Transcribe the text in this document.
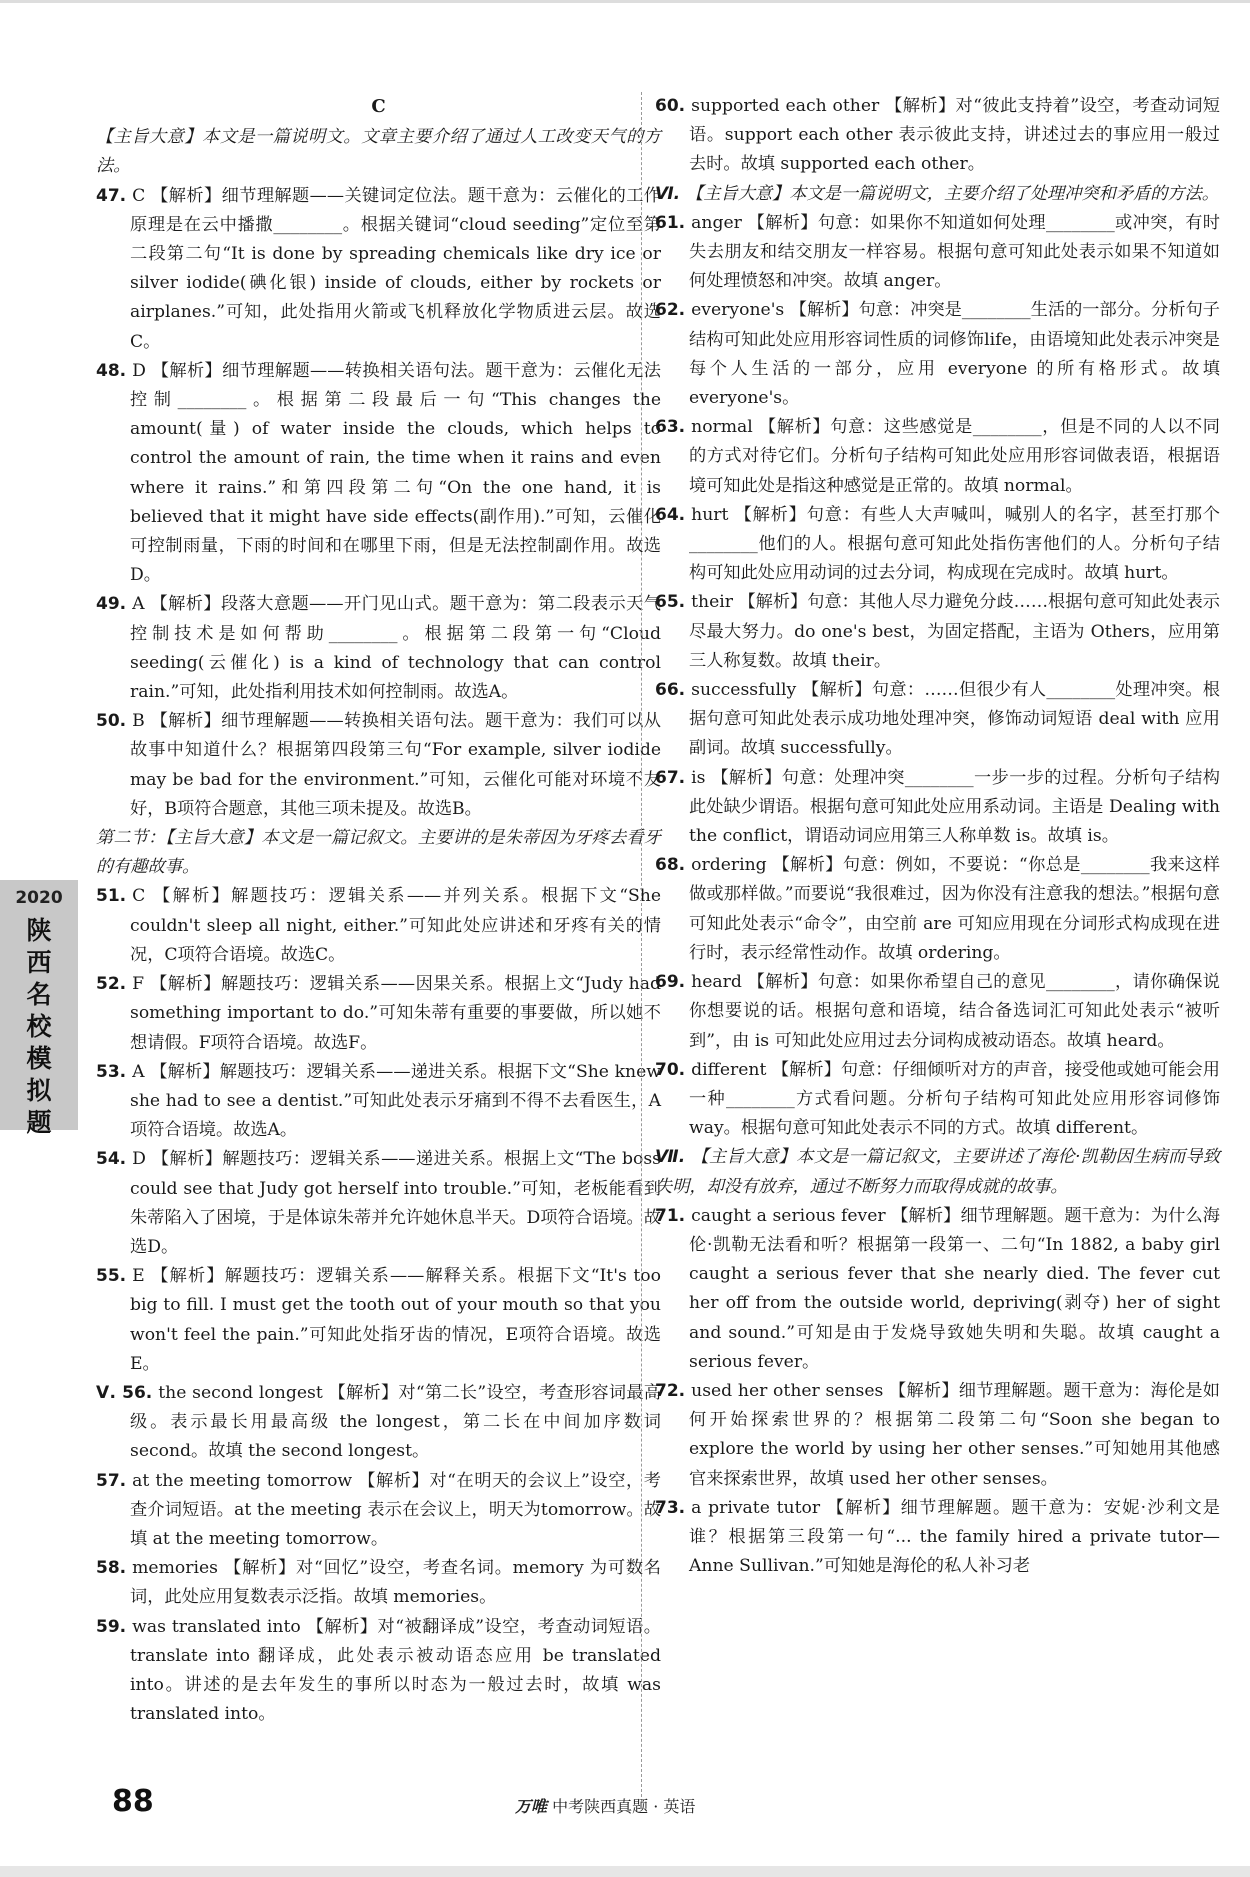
C
【主旨大意】本文是一篇说明文。文章主要介绍了通过人工改变天气的方法。
47. C 【解析】细节理解题——关键词定位法。题干意为：云催化的工作原理是在云中播撒________。根据关键词“cloud seeding”定位至第二段第二句“It is done by spreading chemicals like dry ice or silver iodide(碘化银) inside of clouds, either by rockets or airplanes.”可知，此处指用火箭或飞机释放化学物质进云层。故选C。
48. D 【解析】细节理解题——转换相关语句法。题干意为：云催化无法控制________。根据第二段最后一句“This changes the amount(量) of water inside the clouds, which helps to control the amount of rain, the time when it rains and even where it rains.”和第四段第二句“On the one hand, it is believed that it might have side effects(副作用).”可知，云催化可控制雨量，下雨的时间和在哪里下雨，但是无法控制副作用。故选D。
49. A 【解析】段落大意题——开门见山式。题干意为：第二段表示天气控制技术是如何帮助________。根据第二段第一句“Cloud seeding(云催化) is a kind of technology that can control rain.”可知，此处指利用技术如何控制雨。故选A。
50. B 【解析】细节理解题——转换相关语句法。题干意为：我们可以从故事中知道什么？根据第四段第三句“For example, silver iodide may be bad for the environment.”可知，云催化可能对环境不友好，B项符合题意，其他三项未提及。故选B。
第二节：【主旨大意】本文是一篇记叙文。主要讲的是朱蒂因为牙疼去看牙的有趣故事。
51. C 【解析】解题技巧：逻辑关系——并列关系。根据下文“She couldn't sleep all night, either.”可知此处应讲述和牙疼有关的情况，C项符合语境。故选C。
52. F 【解析】解题技巧：逻辑关系——因果关系。根据上文“Judy had something important to do.”可知朱蒂有重要的事要做，所以她不想请假。F项符合语境。故选F。
53. A 【解析】解题技巧：逻辑关系——递进关系。根据下文“She knew she had to see a dentist.”可知此处表示牙痛到不得不去看医生，A项符合语境。故选A。
54. D 【解析】解题技巧：逻辑关系——递进关系。根据上文“The boss could see that Judy got herself into trouble.”可知，老板能看到朱蒂陷入了困境，于是体谅朱蒂并允许她休息半天。D项符合语境。故选D。
55. E 【解析】解题技巧：逻辑关系——解释关系。根据下文“It's too big to fill. I must get the tooth out of your mouth so that you won't feel the pain.”可知此处指牙齿的情况，E项符合语境。故选E。
Ⅴ. 56. the second longest 【解析】对“第二长”设空，考查形容词最高级。表示最长用最高级 the longest，第二长在中间加序数词 second。故填 the second longest。
57. at the meeting tomorrow 【解析】对“在明天的会议上”设空，考查介词短语。at the meeting 表示在会议上，明天为tomorrow。故填 at the meeting tomorrow。
58. memories 【解析】对“回忆”设空，考查名词。memory 为可数名词，此处应用复数表示泛指。故填 memories。
59. was translated into 【解析】对“被翻译成”设空，考查动词短语。translate into 翻译成，此处表示被动语态应用 be translated into。讲述的是去年发生的事所以时态为一般过去时，故填 was translated into。
60. supported each other 【解析】对“彼此支持着”设空，考查动词短语。support each other 表示彼此支持，讲述过去的事应用一般过去时。故填 supported each other。
Ⅵ. 【主旨大意】本文是一篇说明文，主要介绍了处理冲突和矛盾的方法。
61. anger 【解析】句意：如果你不知道如何处理________或冲突，有时失去朋友和结交朋友一样容易。根据句意可知此处表示如果不知道如何处理愤怒和冲突。故填 anger。
62. everyone's 【解析】句意：冲突是________生活的一部分。分析句子结构可知此处应用形容词性质的词修饰life，由语境知此处表示冲突是每个人生活的一部分，应用 everyone 的所有格形式。故填 everyone's。
63. normal 【解析】句意：这些感觉是________，但是不同的人以不同的方式对待它们。分析句子结构可知此处应用形容词做表语，根据语境可知此处是指这种感觉是正常的。故填 normal。
64. hurt 【解析】句意：有些人大声喊叫，喊别人的名字，甚至打那个________他们的人。根据句意可知此处指伤害他们的人。分析句子结构可知此处应用动词的过去分词，构成现在完成时。故填 hurt。
65. their 【解析】句意：其他人尽力避免分歧……根据句意可知此处表示尽最大努力。do one's best，为固定搭配，主语为 Others，应用第三人称复数。故填 their。
66. successfully 【解析】句意：……但很少有人________处理冲突。根据句意可知此处表示成功地处理冲突，修饰动词短语 deal with 应用副词。故填 successfully。
67. is 【解析】句意：处理冲突________一步一步的过程。分析句子结构此处缺少谓语。根据句意可知此处应用系动词。主语是 Dealing with the conflict，谓语动词应用第三人称单数 is。故填 is。
68. ordering 【解析】句意：例如，不要说：“你总是________我来这样做或那样做。”而要说“我很难过，因为你没有注意我的想法。”根据句意可知此处表示“命令”，由空前 are 可知应用现在分词形式构成现在进行时，表示经常性动作。故填 ordering。
69. heard 【解析】句意：如果你希望自己的意见________，请你确保说你想要说的话。根据句意和语境，结合备选词汇可知此处表示“被听到”，由 is 可知此处应用过去分词构成被动语态。故填 heard。
70. different 【解析】句意：仔细倾听对方的声音，接受他或她可能会用一种________方式看问题。分析句子结构可知此处应用形容词修饰 way。根据句意可知此处表示不同的方式。故填 different。
Ⅶ. 【主旨大意】本文是一篇记叙文，主要讲述了海伦·凯勒因生病而导致失明，却没有放弃，通过不断努力而取得成就的故事。
71. caught a serious fever 【解析】细节理解题。题干意为：为什么海伦·凯勒无法看和听？根据第一段第一、二句“In 1882, a baby girl caught a serious fever that she nearly died. The fever cut her off from the outside world, depriving(剥夺) her of sight and sound.”可知是由于发烧导致她失明和失聪。故填 caught a serious fever。
72. used her other senses 【解析】细节理解题。题干意为：海伦是如何开始探索世界的？根据第二段第二句“Soon she began to explore the world by using her other senses.”可知她用其他感官来探索世界，故填 used her other senses。
73. a private tutor 【解析】细节理解题。题干意为：安妮·沙利文是谁？根据第三段第一句“... the family hired a private tutor—Anne Sullivan.”可知她是海伦的私人补习老
2020
陕
西
名
校
模
拟
题
88	万唯 中考陕西真题 · 英语
